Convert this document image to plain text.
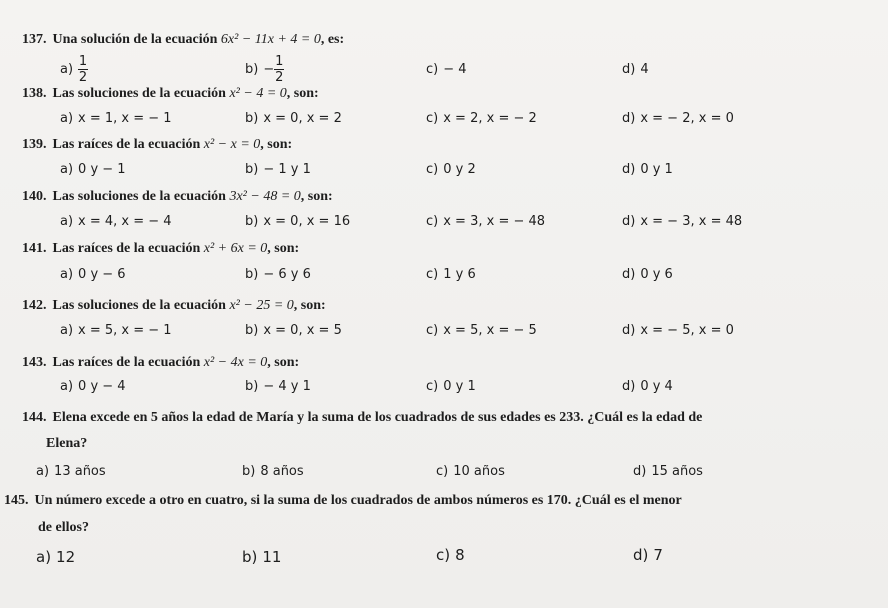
137. Una solución de la ecuación 6x² − 11x + 4 = 0, es:
$a) \frac{1}{2}$	$b) - \frac{1}{2}$	c) − 4	d) 4
138. Las soluciones de la ecuación x² − 4 = 0, son:
a) x = 1, x = − 1	b) x = 0, x = 2	c) x = 2, x = − 2	d) x = − 2, x = 0
139. Las raíces de la ecuación x² − x = 0, son:
a) 0 y − 1	b) − 1 y 1	c) 0 y 2	d) 0 y 1
140. Las soluciones de la ecuación 3x² − 48 = 0, son:
a) x = 4, x = − 4	b) x = 0, x = 16	c) x = 3, x = − 48	d) x = − 3, x = 48
141. Las raíces de la ecuación x² + 6x = 0, son:
a) 0 y − 6	b) − 6 y 6	c) 1 y 6	d) 0 y 6
142. Las soluciones de la ecuación x² − 25 = 0, son:
a) x = 5, x = − 1	b) x = 0, x = 5	c) x = 5, x = − 5	d) x = − 5, x = 0
143. Las raíces de la ecuación x² − 4x = 0, son:
a) 0 y − 4	b) − 4 y 1	c) 0 y 1	d) 0 y 4
144. Elena excede en 5 años la edad de María y la suma de los cuadrados de sus edades es 233. ¿Cuál es la edad de
Elena?
a) 13 años	b) 8 años	c) 10 años	d) 15 años
145. Un número excede a otro en cuatro, si la suma de los cuadrados de ambos números es 170. ¿Cuál es el menor
de ellos?
a) 12	b) 11	c) 8	d) 7
